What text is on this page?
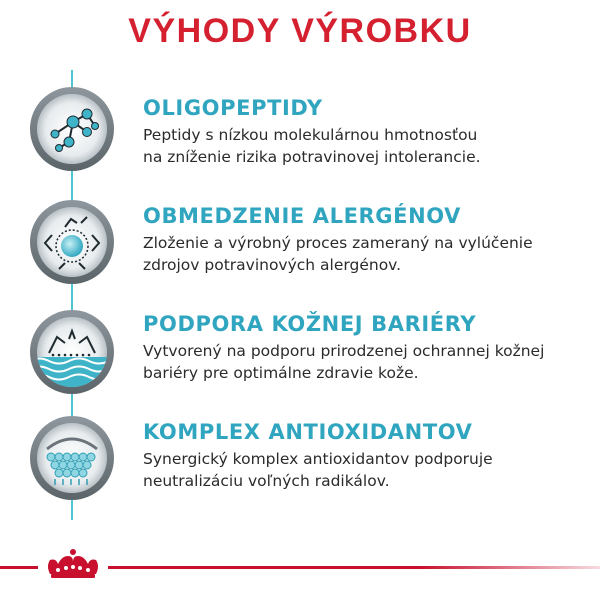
VÝHODY VÝROBKU
OLIGOPEPTIDY
Peptidy s nízkou molekulárnou hmotnosťou
na zníženie rizika potravinovej intolerancie.
OBMEDZENIE ALERGÉNOV
Zloženie a výrobný proces zameraný na vylúčenie
zdrojov potravinových alergénov.
PODPORA KOŽNEJ BARIÉRY
Vytvorený na podporu prirodzenej ochrannej kožnej
bariéry pre optimálne zdravie kože.
KOMPLEX ANTIOXIDANTOV
Synergický komplex antioxidantov podporuje
neutralizáciu voľných radikálov.
